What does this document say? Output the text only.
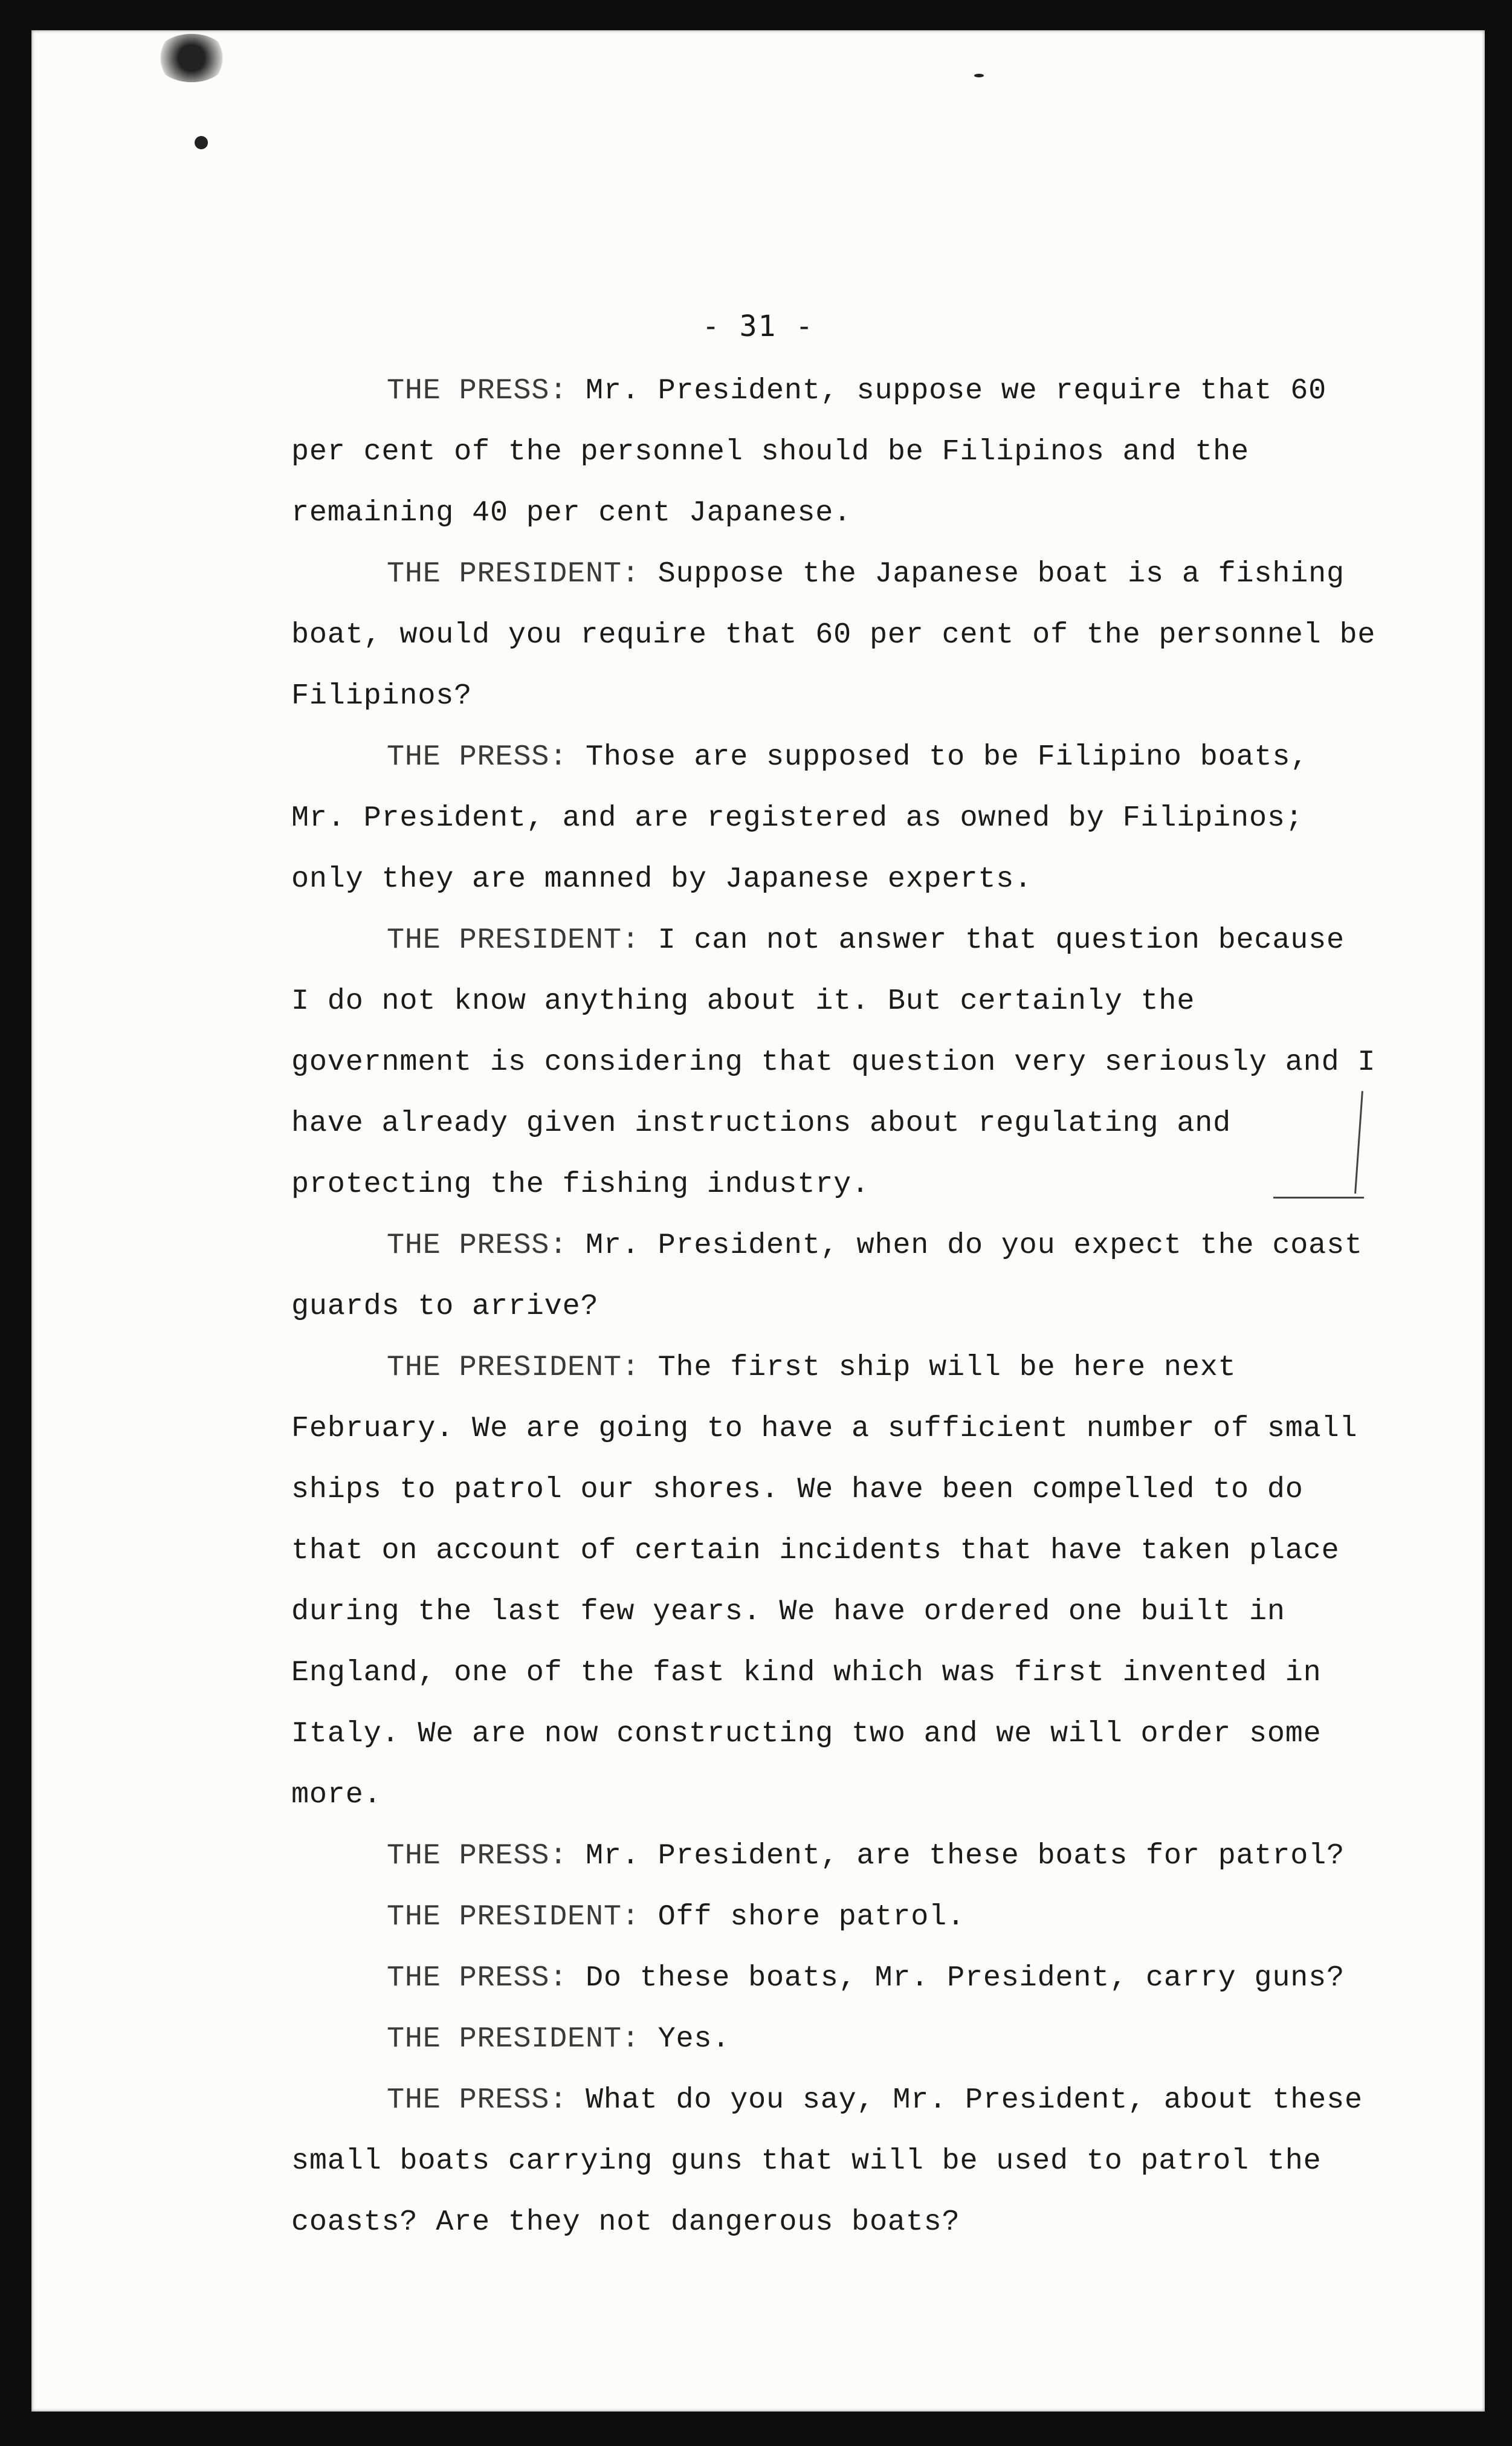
- 31 -

THE PRESS: Mr. President, suppose we require that 60 per cent of the personnel should be Filipinos and the remaining 40 per cent Japanese.

THE PRESIDENT: Suppose the Japanese boat is a fishing boat, would you require that 60 per cent of the personnel be Filipinos?

THE PRESS: Those are supposed to be Filipino boats, Mr. President, and are registered as owned by Filipinos; only they are manned by Japanese experts.

THE PRESIDENT: I can not answer that question because I do not know anything about it. But certainly the government is considering that question very seriously and I have already given instructions about regulating and protecting the fishing industry.

THE PRESS: Mr. President, when do you expect the coast guards to arrive?

THE PRESIDENT: The first ship will be here next February. We are going to have a sufficient number of small ships to patrol our shores. We have been compelled to do that on account of certain incidents that have taken place during the last few years. We have ordered one built in England, one of the fast kind which was first invented in Italy. We are now constructing two and we will order some more.

THE PRESS: Mr. President, are these boats for patrol?

THE PRESIDENT: Off shore patrol.

THE PRESS: Do these boats, Mr. President, carry guns?

THE PRESIDENT: Yes.

THE PRESS: What do you say, Mr. President, about these small boats carrying guns that will be used to patrol the coasts? Are they not dangerous boats?
